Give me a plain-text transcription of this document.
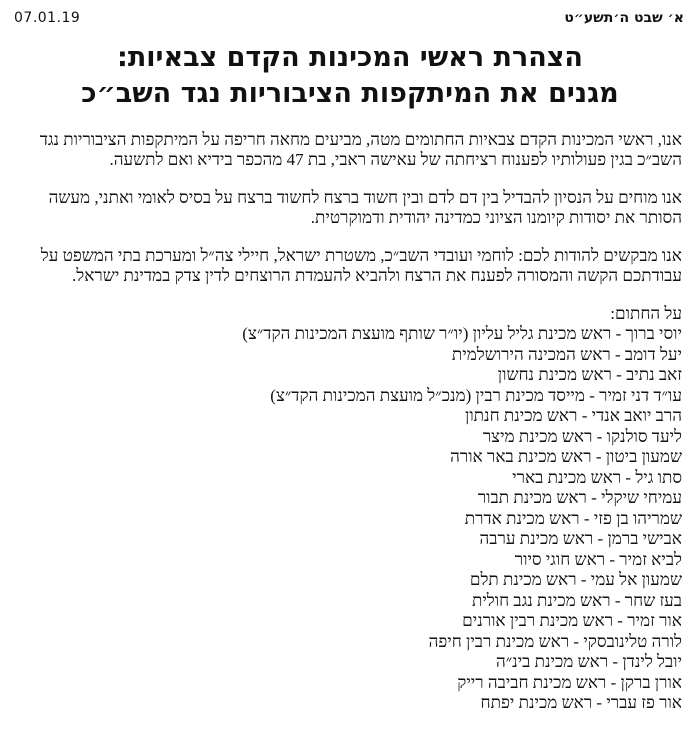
07.01.19	א׳ שבט ה׳תשע״ט
הצהרת ראשי המכינות הקדם צבאיות:
מגנים את המיתקפות הציבוריות נגד השב״כ

אנו, ראשי המכינות הקדם צבאיות החתומים מטה, מביעים מחאה חריפה על המיתקפות הציבוריות נגד השב״כ בגין פעולותיו לפענוח רציחתה של עאישה ראבי, בת 47 מהכפר בידיא ואם לתשעה.

אנו מוחים על הנסיון להבדיל בין דם לדם ובין חשוד ברצח לחשוד ברצח על בסיס לאומי ואתני, מעשה הסותר את יסודות קיומנו הציוני כמדינה יהודית ודמוקרטית.

אנו מבקשים להודות לכם: לוחמי ועובדי השב״כ, משטרת ישראל, חיילי צה״ל ומערכת בתי המשפט על עבודתכם הקשה והמסורה לפענח את הרצח ולהביא להעמדת הרוצחים לדין צדק במדינת ישראל.

על החתום:
יוסי ברוך - ראש מכינת גליל עליון (יו״ר שותף מועצת המכינות הקד״צ)
יעל דומב - ראש המכינה הירושלמית
זאב נתיב - ראש מכינת נחשון
עו״ד דני זמיר - מייסד מכינת רבין (מנכ״ל מועצת המכינות הקד״צ)
הרב יואב אנדי - ראש מכינת חנתון
ליעד סולנקו - ראש מכינת מיצר
שמעון ביטון - ראש מכינת באר אורה
סתו גיל - ראש מכינת בארי
עמיחי שיקלי - ראש מכינת תבור
שמריהו בן פזי - ראש מכינת אדרת
אבישי ברמן - ראש מכינת ערבה
לביא זמיר - ראש חוגי סיור
שמעון אל עמי - ראש מכינת תלם
בעז שחר - ראש מכינת נגב חולית
אור זמיר - ראש מכינת רבין אורנים
לורה טלינובסקי - ראש מכינת רבין חיפה
יובל לינדן - ראש מכינת בינ״ה
אורן ברקן - ראש מכינת חביבה רייק
אור פז עברי - ראש מכינת יפתח
